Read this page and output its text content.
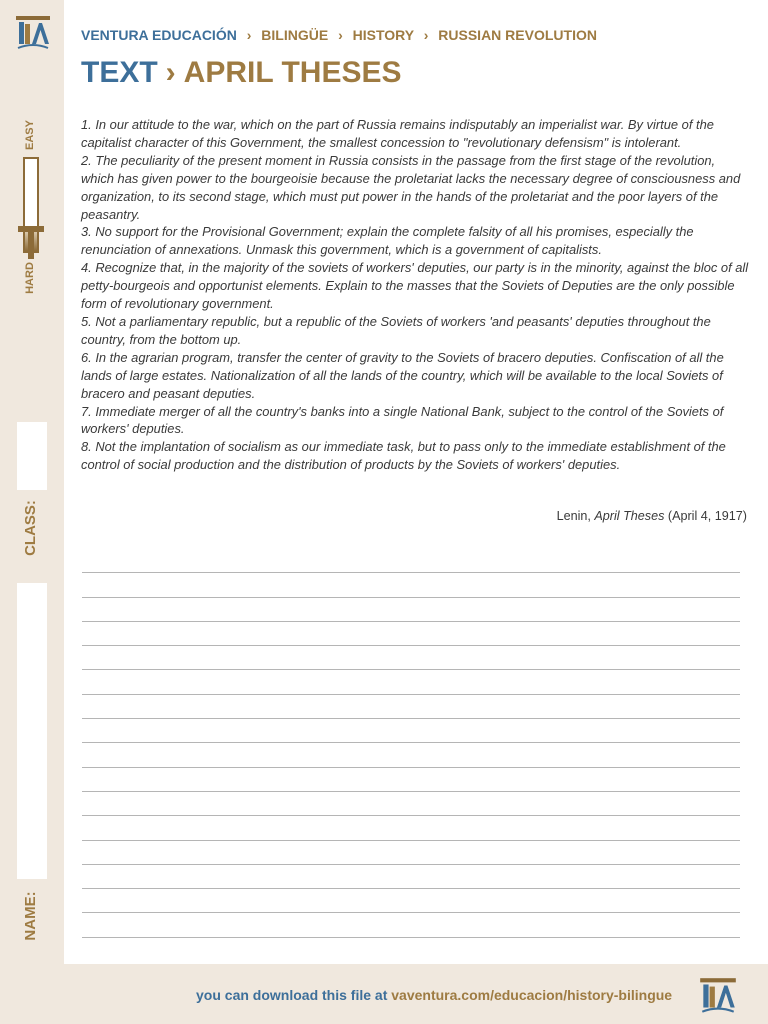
EASY
HARD
CLASS:
NAME:
VENTURA EDUCACIÓN › BILINGÜE › HISTORY › RUSSIAN REVOLUTION
TEXT › APRIL THESES

1. In our attitude to the war, which on the part of Russia remains indisputably an imperialist war. By virtue of the capitalist character of this Government, the smallest concession to "revolutionary defensism" is intolerant.

2. The peculiarity of the present moment in Russia consists in the passage from the first stage of the revolution, which has given power to the bourgeoisie because the proletariat lacks the necessary degree of consciousness and organization, to its second stage, which must put power in the hands of the proletariat and the poor layers of the peasantry.

3. No support for the Provisional Government; explain the complete falsity of all his promises, especially the renunciation of annexations. Unmask this government, which is a government of capitalists.

4. Recognize that, in the majority of the soviets of workers' deputies, our party is in the minority, against the bloc of all petty-bourgeois and opportunist elements. Explain to the masses that the Soviets of Deputies are the only possible form of revolutionary government.

5. Not a parliamentary republic, but a republic of the Soviets of workers 'and peasants' deputies throughout the country, from the bottom up.

6. In the agrarian program, transfer the center of gravity to the Soviets of bracero deputies. Confiscation of all the lands of large estates. Nationalization of all the lands of the country, which will be available to the local Soviets of bracero and peasant deputies.

7. Immediate merger of all the country's banks into a single National Bank, subject to the control of the Soviets of workers' deputies.

8. Not the implantation of socialism as our immediate task, but to pass only to the immediate establishment of the control of social production and the distribution of products by the Soviets of workers' deputies.

Lenin, April Theses (April 4, 1917)
you can download this file at vaventura.com/educacion/history-bilingue
